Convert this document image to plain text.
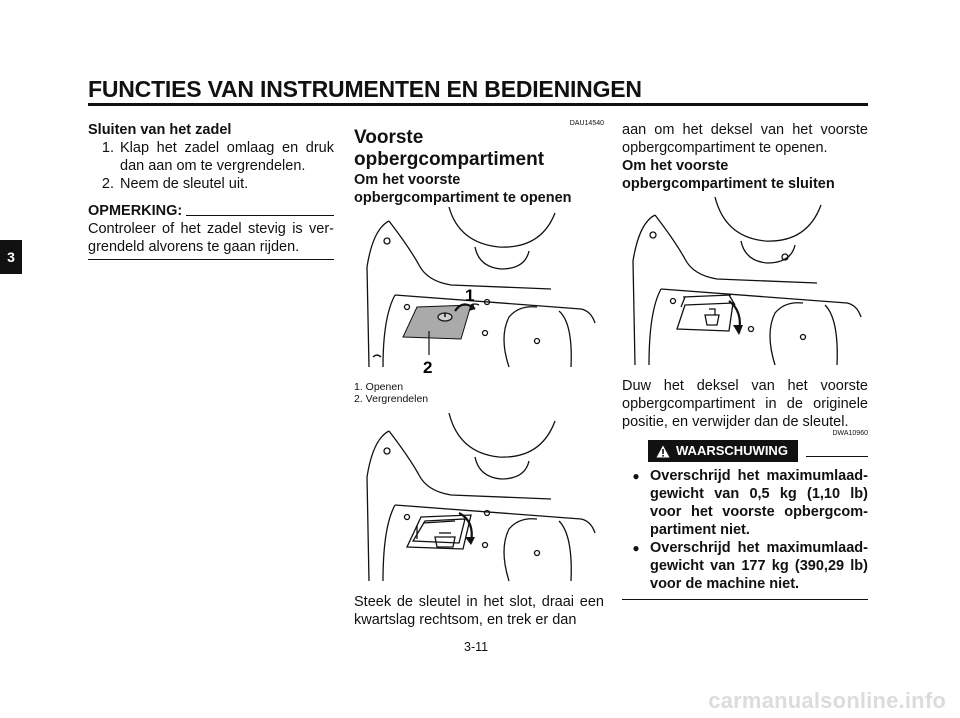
FUNCTIES VAN INSTRUMENTEN EN BEDIENINGEN
3
Sluiten van het zadel
1. Klap het zadel omlaag en druk dan aan om te vergrendelen.
2. Neem de sleutel uit.
OPMERKING:
Controleer of het zadel stevig is ver-grendeld alvorens te gaan rijden.
DAU14540
Voorste
opbergcompartiment
Om het voorste
opbergcompartiment te openen
1
2
1. Openen
2. Vergrendelen
Steek de sleutel in het slot, draai een kwartslag rechtsom, en trek er dan
aan om het deksel van het voorste opbergcompartiment te openen.
Om het voorste
opbergcompartiment te sluiten
Duw het deksel van het voorste opbergcompartiment in de originele positie, en verwijder dan de sleutel.
DWA10960
WAARSCHUWING
● Overschrijd het maximumlaad-gewicht van 0,5 kg (1,10 lb) voor het voorste opbergcom-partiment niet.
● Overschrijd het maximumlaad-gewicht van 177 kg (390,29 lb) voor de machine niet.
3-11
carmanualsonline.info
